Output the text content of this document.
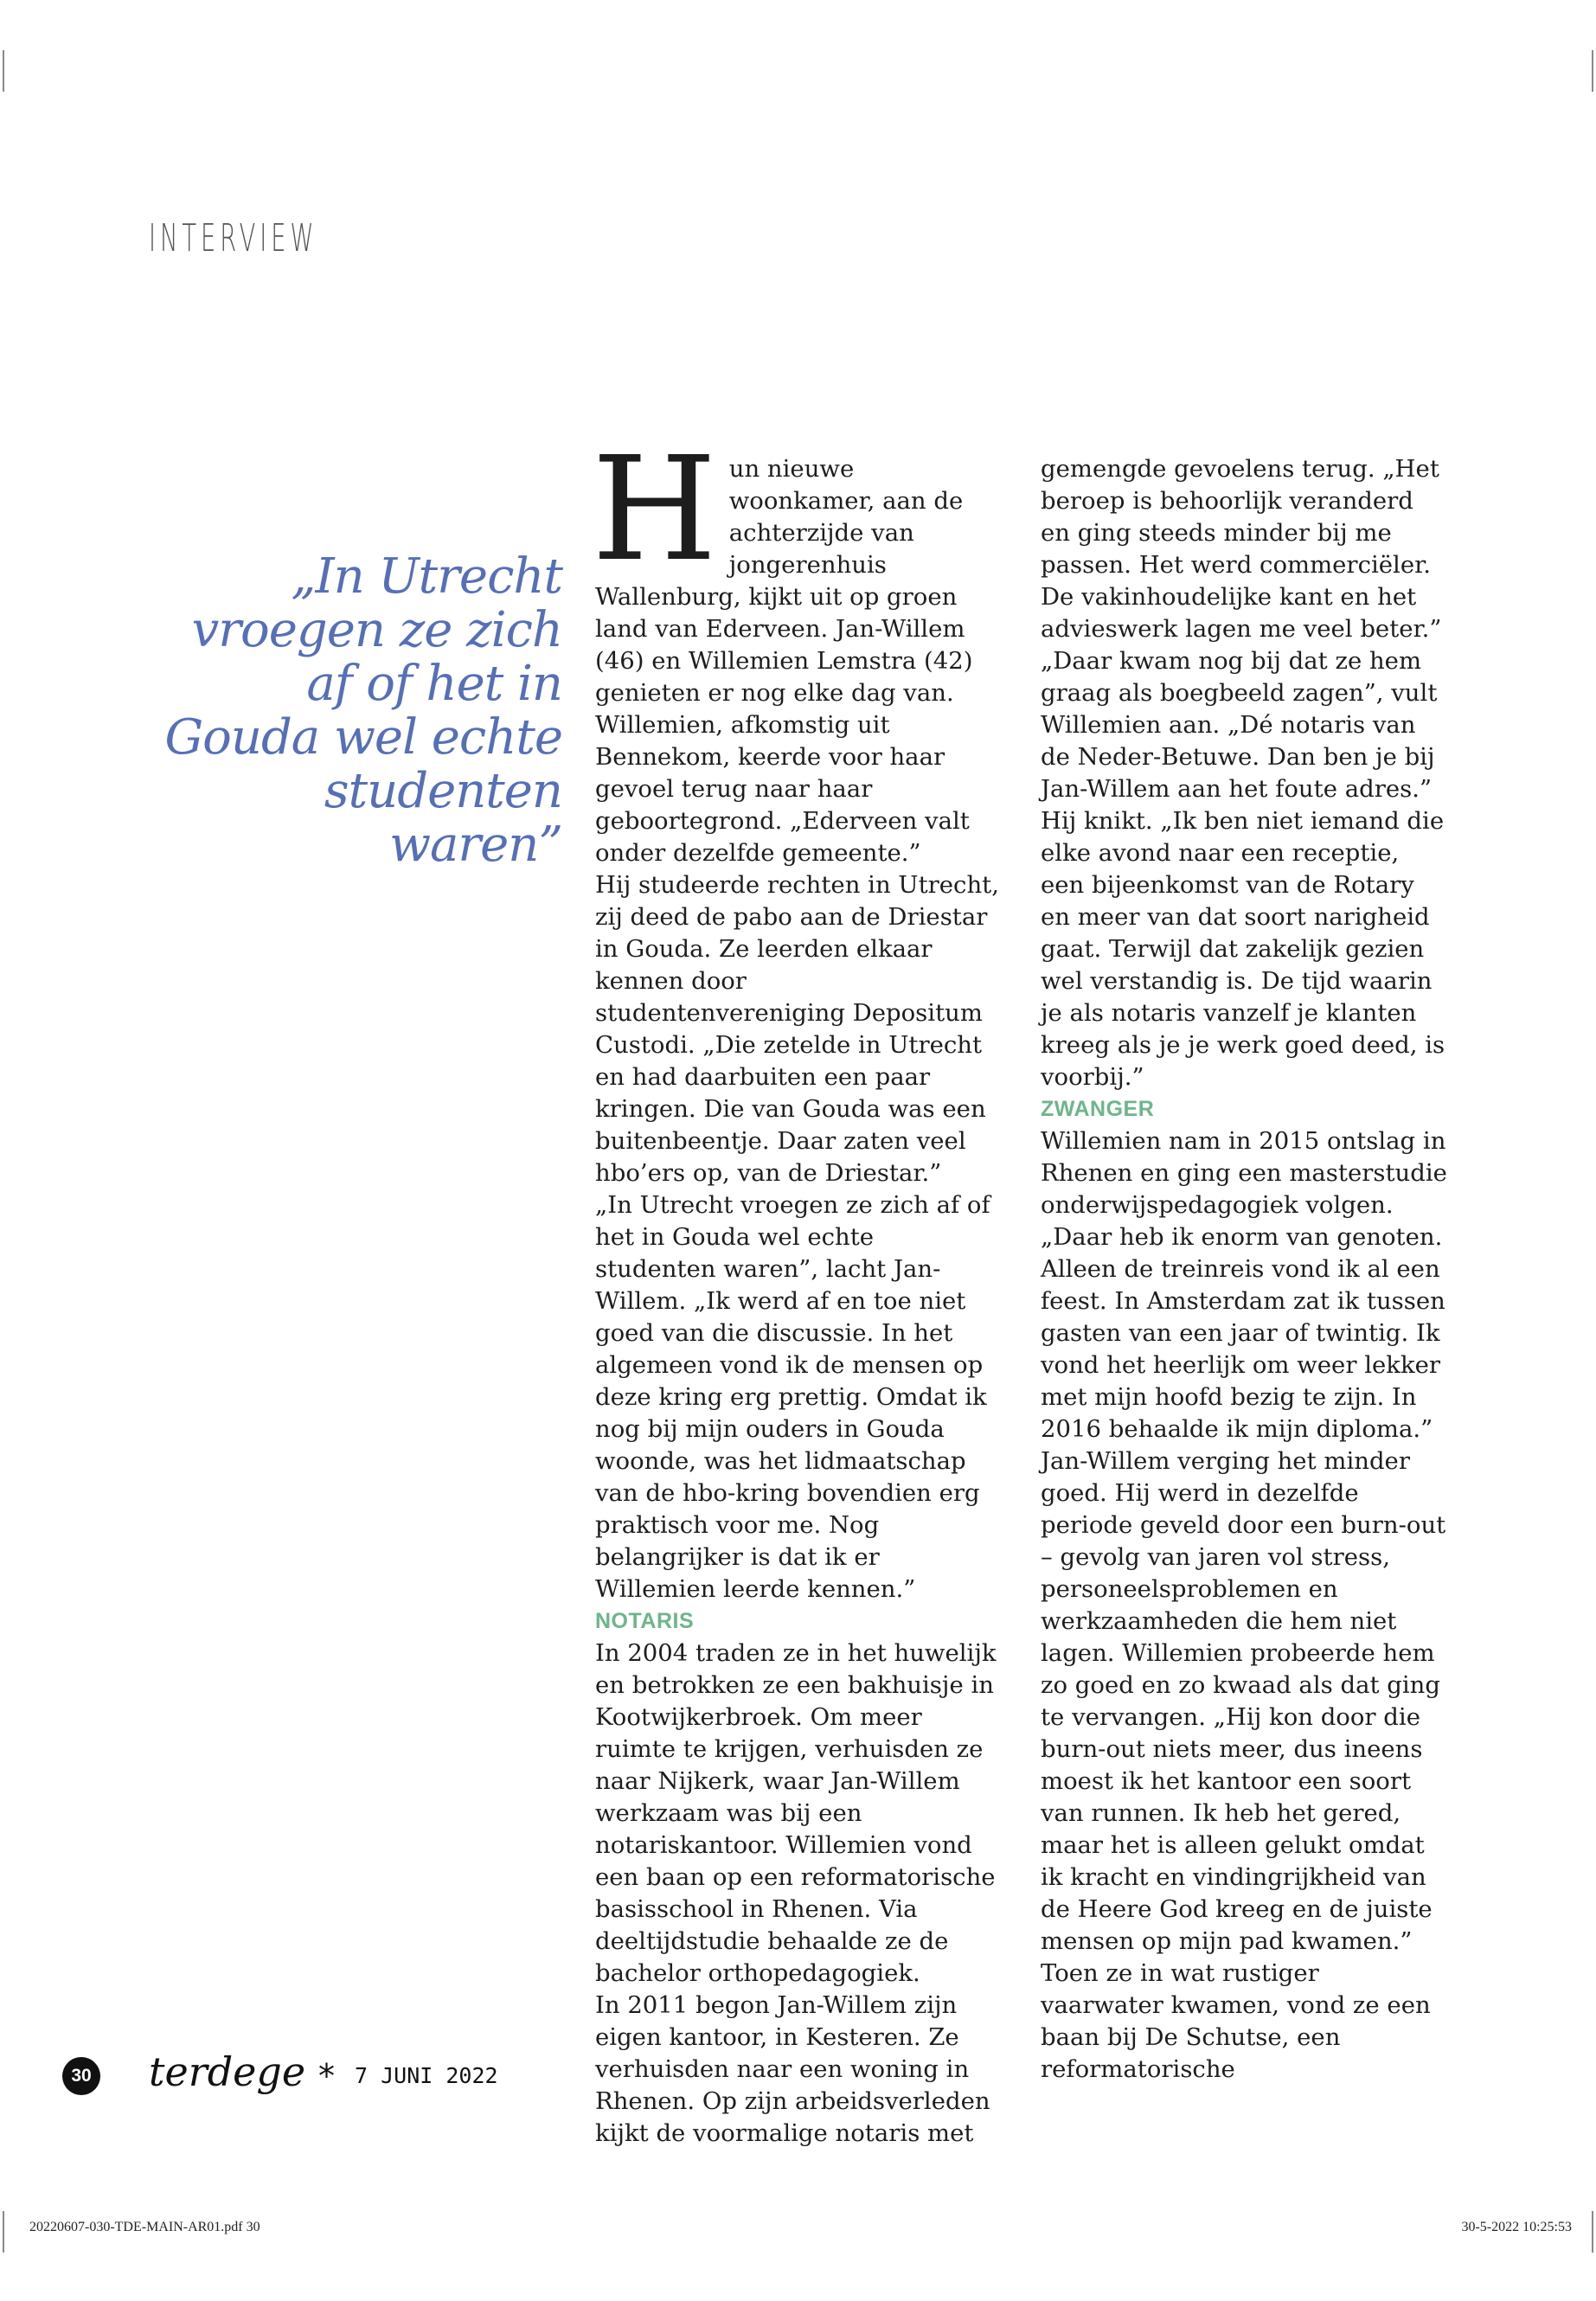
INTERVIEW
„In Utrecht vroegen ze zich af of het in Gouda wel echte studenten waren”
H un nieuwe woonkamer, aan de achterzijde van jongerenhuis Wallenburg, kijkt uit op groen land van Ederveen. Jan-Willem (46) en Willemien Lemstra (42) genieten er nog elke dag van. Willemien, afkomstig uit Bennekom, keerde voor haar gevoel terug naar haar geboortegrond. „Ederveen valt onder dezelfde gemeente.”

Hij studeerde rechten in Utrecht, zij deed de pabo aan de Driestar in Gouda. Ze leerden elkaar kennen door studentenvereniging Depositum Custodi. „Die zetelde in Utrecht en had daarbuiten een paar kringen. Die van Gouda was een buitenbeentje. Daar zaten veel hbo’ers op, van de Driestar.”

„In Utrecht vroegen ze zich af of het in Gouda wel echte studenten waren”, lacht Jan-Willem. „Ik werd af en toe niet goed van die discussie. In het algemeen vond ik de mensen op deze kring erg prettig. Omdat ik nog bij mijn ouders in Gouda woonde, was het lidmaatschap van de hbo-kring bovendien erg praktisch voor me. Nog belangrijker is dat ik er Willemien leerde kennen.”

NOTARIS

In 2004 traden ze in het huwelijk en betrokken ze een bakhuisje in Kootwijkerbroek. Om meer ruimte te krijgen, verhuisden ze naar Nijkerk, waar Jan-Willem werkzaam was bij een notariskantoor. Willemien vond een baan op een reformatorische basisschool in Rhenen. Via deeltijdstudie behaalde ze de bachelor orthopedagogiek.

In 2011 begon Jan-Willem zijn eigen kantoor, in Kesteren. Ze verhuisden naar een woning in Rhenen. Op zijn arbeidsverleden kijkt de voormalige notaris met

gemengde gevoelens terug. „Het beroep is behoorlijk veranderd en ging steeds minder bij me passen. Het werd commerciëler. De vakinhoudelijke kant en het advieswerk lagen me veel beter.”

„Daar kwam nog bij dat ze hem graag als boegbeeld zagen”, vult Willemien aan. „Dé notaris van de Neder-Betuwe. Dan ben je bij Jan-Willem aan het foute adres.”

Hij knikt. „Ik ben niet iemand die elke avond naar een receptie, een bijeenkomst van de Rotary en meer van dat soort narigheid gaat. Terwijl dat zakelijk gezien wel verstandig is. De tijd waarin je als notaris vanzelf je klanten kreeg als je je werk goed deed, is voorbij.”

ZWANGER

Willemien nam in 2015 ontslag in Rhenen en ging een masterstudie onderwijspedagogiek volgen. „Daar heb ik enorm van genoten. Alleen de treinreis vond ik al een feest. In Amsterdam zat ik tussen gasten van een jaar of twintig. Ik vond het heerlijk om weer lekker met mijn hoofd bezig te zijn. In 2016 behaalde ik mijn diploma.”

Jan-Willem verging het minder goed. Hij werd in dezelfde periode geveld door een burn-out – gevolg van jaren vol stress, personeelsproblemen en werkzaamheden die hem niet lagen. Willemien probeerde hem zo goed en zo kwaad als dat ging te vervangen. „Hij kon door die burn-out niets meer, dus ineens moest ik het kantoor een soort van runnen. Ik heb het gered, maar het is alleen gelukt omdat ik kracht en vindingrijkheid van de Heere God kreeg en de juiste mensen op mijn pad kwamen.”

Toen ze in wat rustiger vaarwater kwamen, vond ze een baan bij De Schutse, een reformatorische

30 terdege * 7 JUNI 2022
20220607-030-TDE-MAIN-AR01.pdf 30	30-5-2022 10:25:53
